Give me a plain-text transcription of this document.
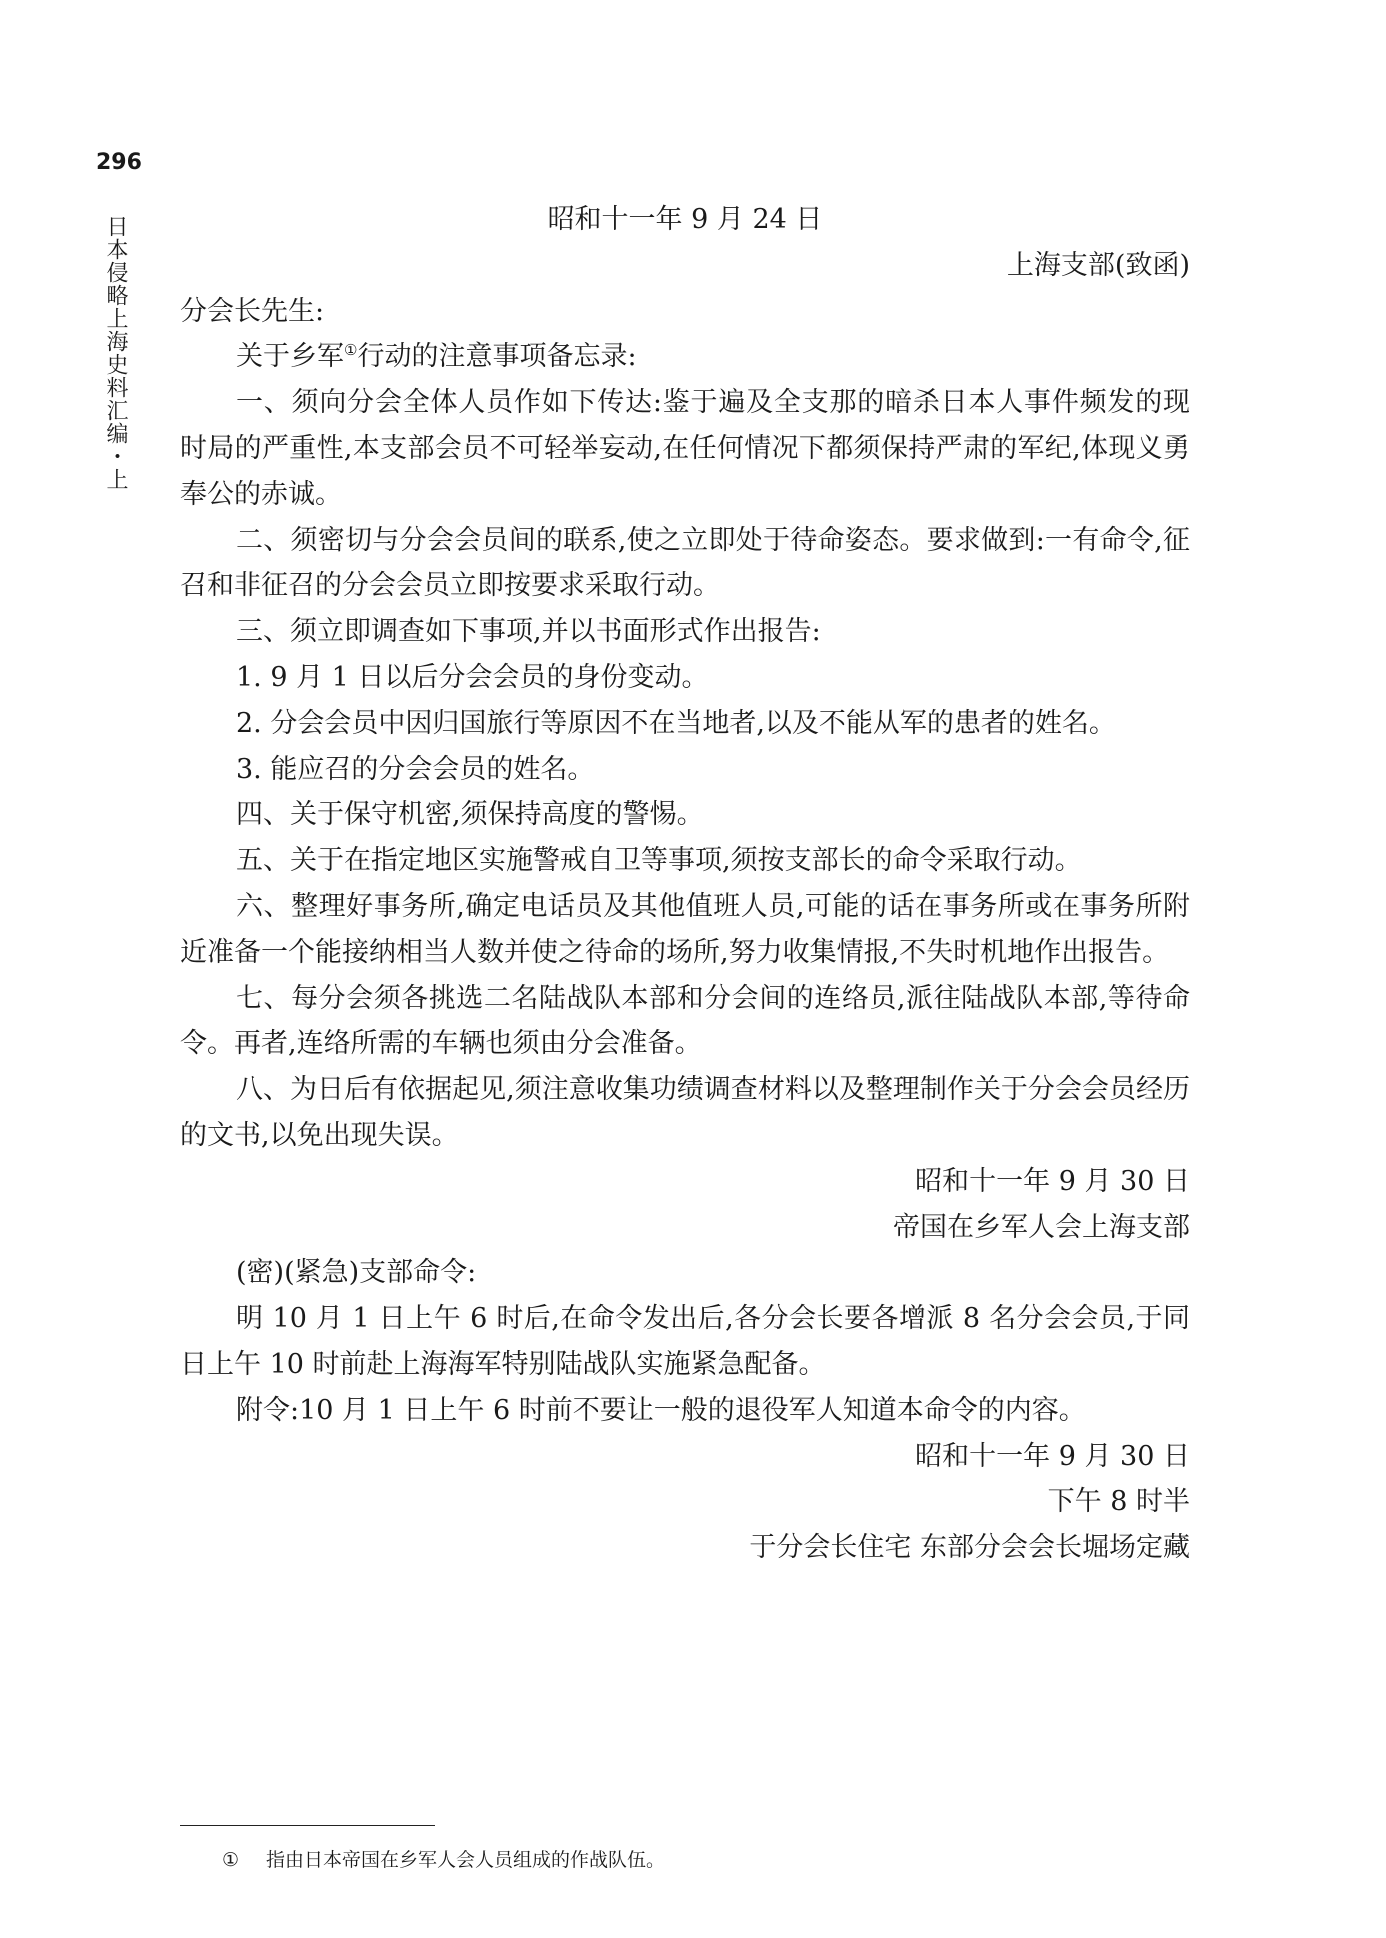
296
日本侵略上海史料汇编・上	昭和十一年 9 月 24 日

上海支部(致函)

分会长先生:

关于乡军①行动的注意事项备忘录:

一、须向分会全体人员作如下传达:鉴于遍及全支那的暗杀日本人事件频发的现时局的严重性,本支部会员不可轻举妄动,在任何情况下都须保持严肃的军纪,体现义勇奉公的赤诚。

二、须密切与分会会员间的联系,使之立即处于待命姿态。要求做到:一有命令,征召和非征召的分会会员立即按要求采取行动。

三、须立即调查如下事项,并以书面形式作出报告:

1. 9 月 1 日以后分会会员的身份变动。

2. 分会会员中因归国旅行等原因不在当地者,以及不能从军的患者的姓名。

3. 能应召的分会会员的姓名。

四、关于保守机密,须保持高度的警惕。

五、关于在指定地区实施警戒自卫等事项,须按支部长的命令采取行动。

六、整理好事务所,确定电话员及其他值班人员,可能的话在事务所或在事务所附近准备一个能接纳相当人数并使之待命的场所,努力收集情报,不失时机地作出报告。

七、每分会须各挑选二名陆战队本部和分会间的连络员,派往陆战队本部,等待命令。再者,连络所需的车辆也须由分会准备。

八、为日后有依据起见,须注意收集功绩调查材料以及整理制作关于分会会员经历的文书,以免出现失误。

昭和十一年 9 月 30 日

帝国在乡军人会上海支部

(密)(紧急)支部命令:

明 10 月 1 日上午 6 时后,在命令发出后,各分会长要各增派 8 名分会会员,于同日上午 10 时前赴上海海军特别陆战队实施紧急配备。

附令:10 月 1 日上午 6 时前不要让一般的退役军人知道本命令的内容。

昭和十一年 9 月 30 日

下午 8 时半

于分会长住宅 东部分会会长堀场定藏

① 指由日本帝国在乡军人会人员组成的作战队伍。
